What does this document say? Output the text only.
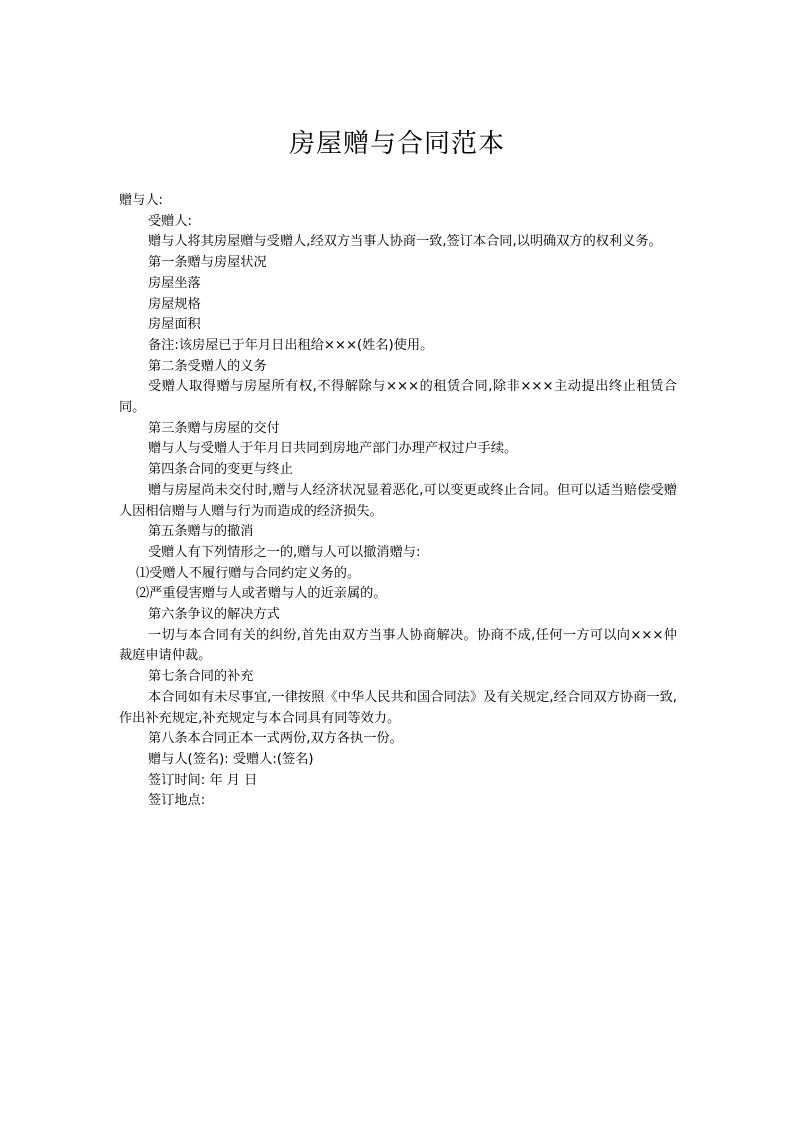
房屋赠与合同范本

赠与人:

受赠人:

赠与人将其房屋赠与受赠人,经双方当事人协商一致,签订本合同,以明确双方的权利义务。

第一条赠与房屋状况

房屋坐落

房屋规格

房屋面积

备注:该房屋已于年月日出租给×××(姓名)使用。

第二条受赠人的义务

受赠人取得赠与房屋所有权,不得解除与×××的租赁合同,除非×××主动提出终止租赁合同。

第三条赠与房屋的交付

赠与人与受赠人于年月日共同到房地产部门办理产权过户手续。

第四条合同的变更与终止

赠与房屋尚未交付时,赠与人经济状况显着恶化,可以变更或终止合同。但可以适当赔偿受赠人因相信赠与人赠与行为而造成的经济损失。

第五条赠与的撤消

受赠人有下列情形之一的,赠与人可以撤消赠与:

⑴受赠人不履行赠与合同约定义务的。

⑵严重侵害赠与人或者赠与人的近亲属的。

第六条争议的解决方式

一切与本合同有关的纠纷,首先由双方当事人协商解决。协商不成,任何一方可以向×××仲裁庭申请仲裁。

第七条合同的补充

本合同如有未尽事宜,一律按照《中华人民共和国合同法》及有关规定,经合同双方协商一致,作出补充规定,补充规定与本合同具有同等效力。

第八条本合同正本一式两份,双方各执一份。

赠与人(签名): 受赠人:(签名)

签订时间: 年 月 日

签订地点:
